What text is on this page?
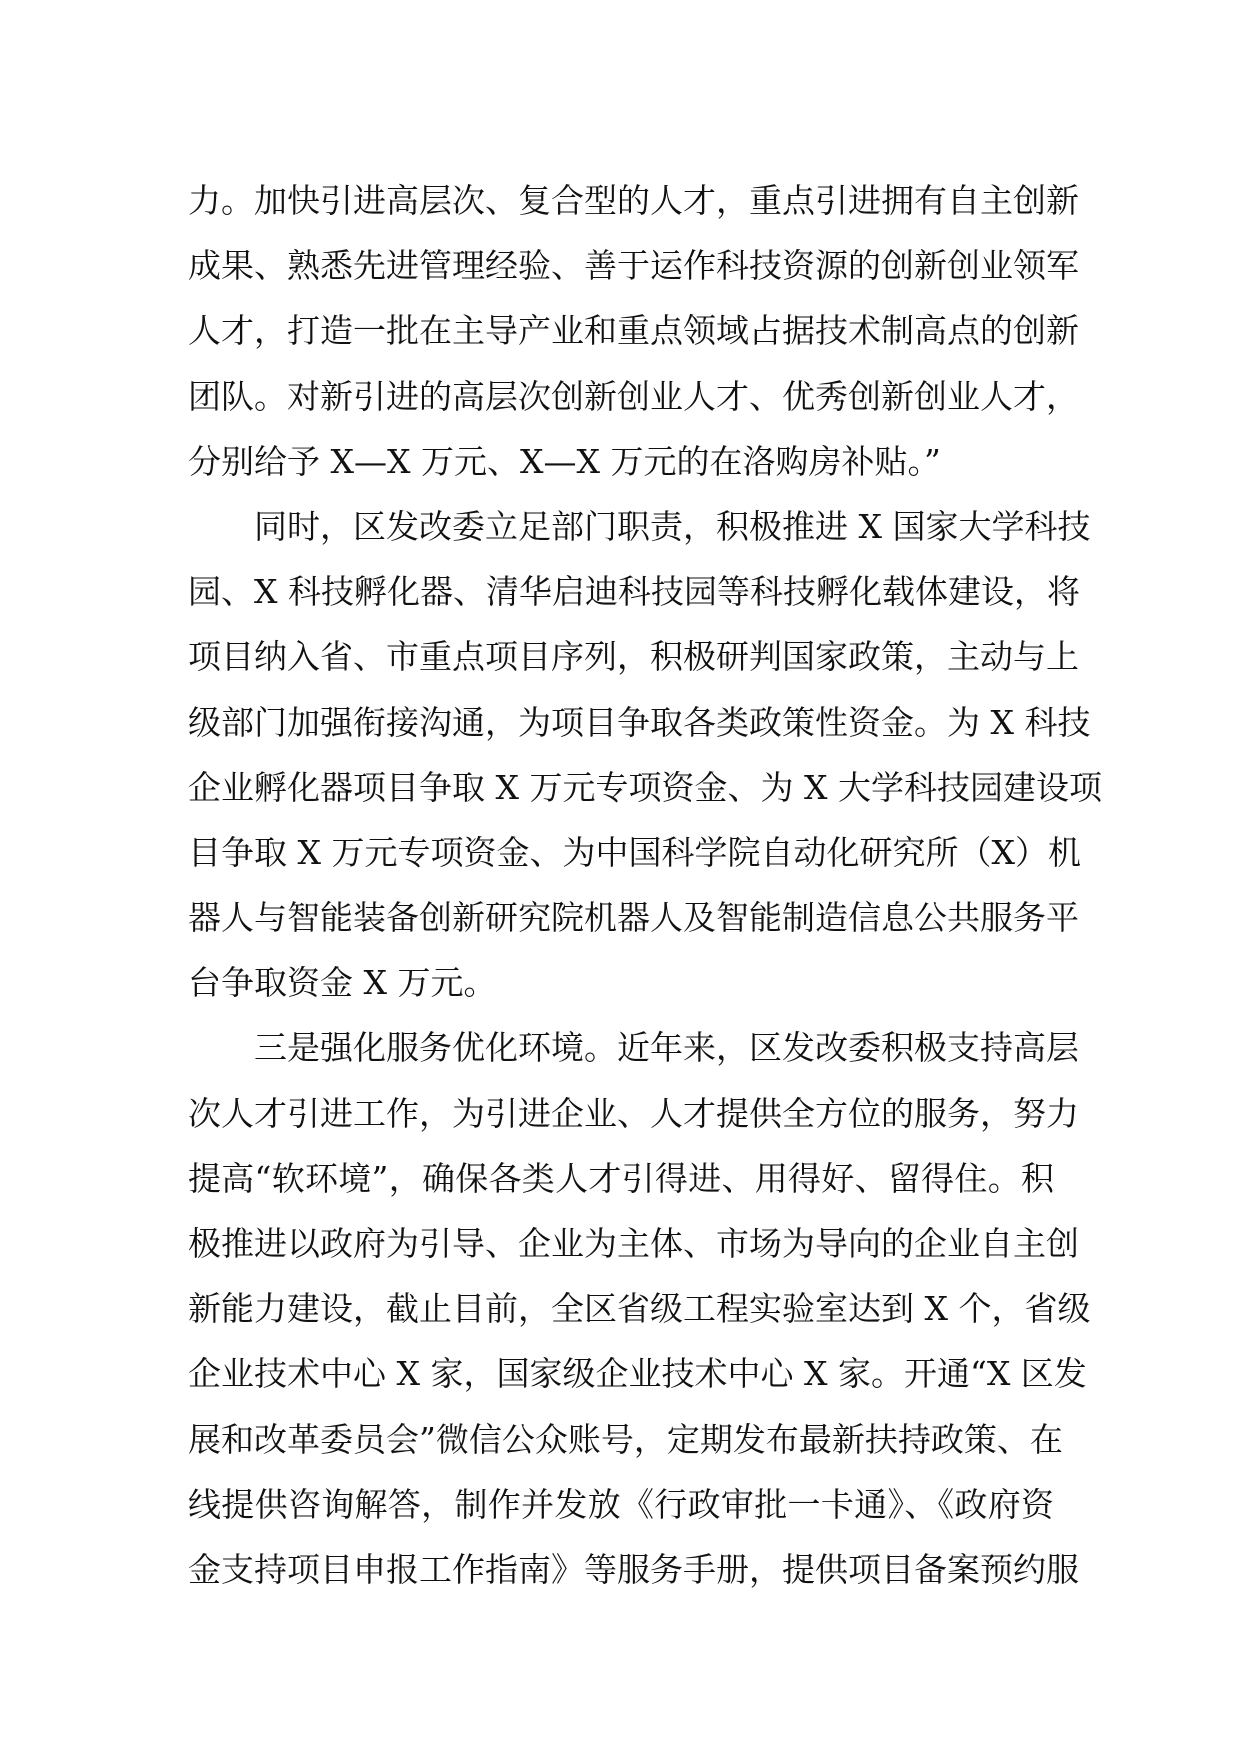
力。加快引进高层次、复合型的人才，重点引进拥有自主创新
成果、熟悉先进管理经验、善于运作科技资源的创新创业领军
人才，打造一批在主导产业和重点领域占据技术制高点的创新
团队。对新引进的高层次创新创业人才、优秀创新创业人才，
分别给予 X—X 万元、X—X 万元的在洛购房补贴。”
同时，区发改委立足部门职责，积极推进 X 国家大学科技
园、X 科技孵化器、清华启迪科技园等科技孵化载体建设，将
项目纳入省、市重点项目序列，积极研判国家政策，主动与上
级部门加强衔接沟通，为项目争取各类政策性资金。为 X 科技
企业孵化器项目争取 X 万元专项资金、为 X 大学科技园建设项
目争取 X 万元专项资金、为中国科学院自动化研究所（X）机
器人与智能装备创新研究院机器人及智能制造信息公共服务平
台争取资金 X 万元。
三是强化服务优化环境。近年来，区发改委积极支持高层
次人才引进工作，为引进企业、人才提供全方位的服务，努力
提高“软环境”，确保各类人才引得进、用得好、留得住。积
极推进以政府为引导、企业为主体、市场为导向的企业自主创
新能力建设，截止目前，全区省级工程实验室达到 X 个，省级
企业技术中心 X 家，国家级企业技术中心 X 家。开通“X 区发
展和改革委员会”微信公众账号，定期发布最新扶持政策、在
线提供咨询解答，制作并发放《行政审批一卡通》、《政府资
金支持项目申报工作指南》等服务手册，提供项目备案预约服
